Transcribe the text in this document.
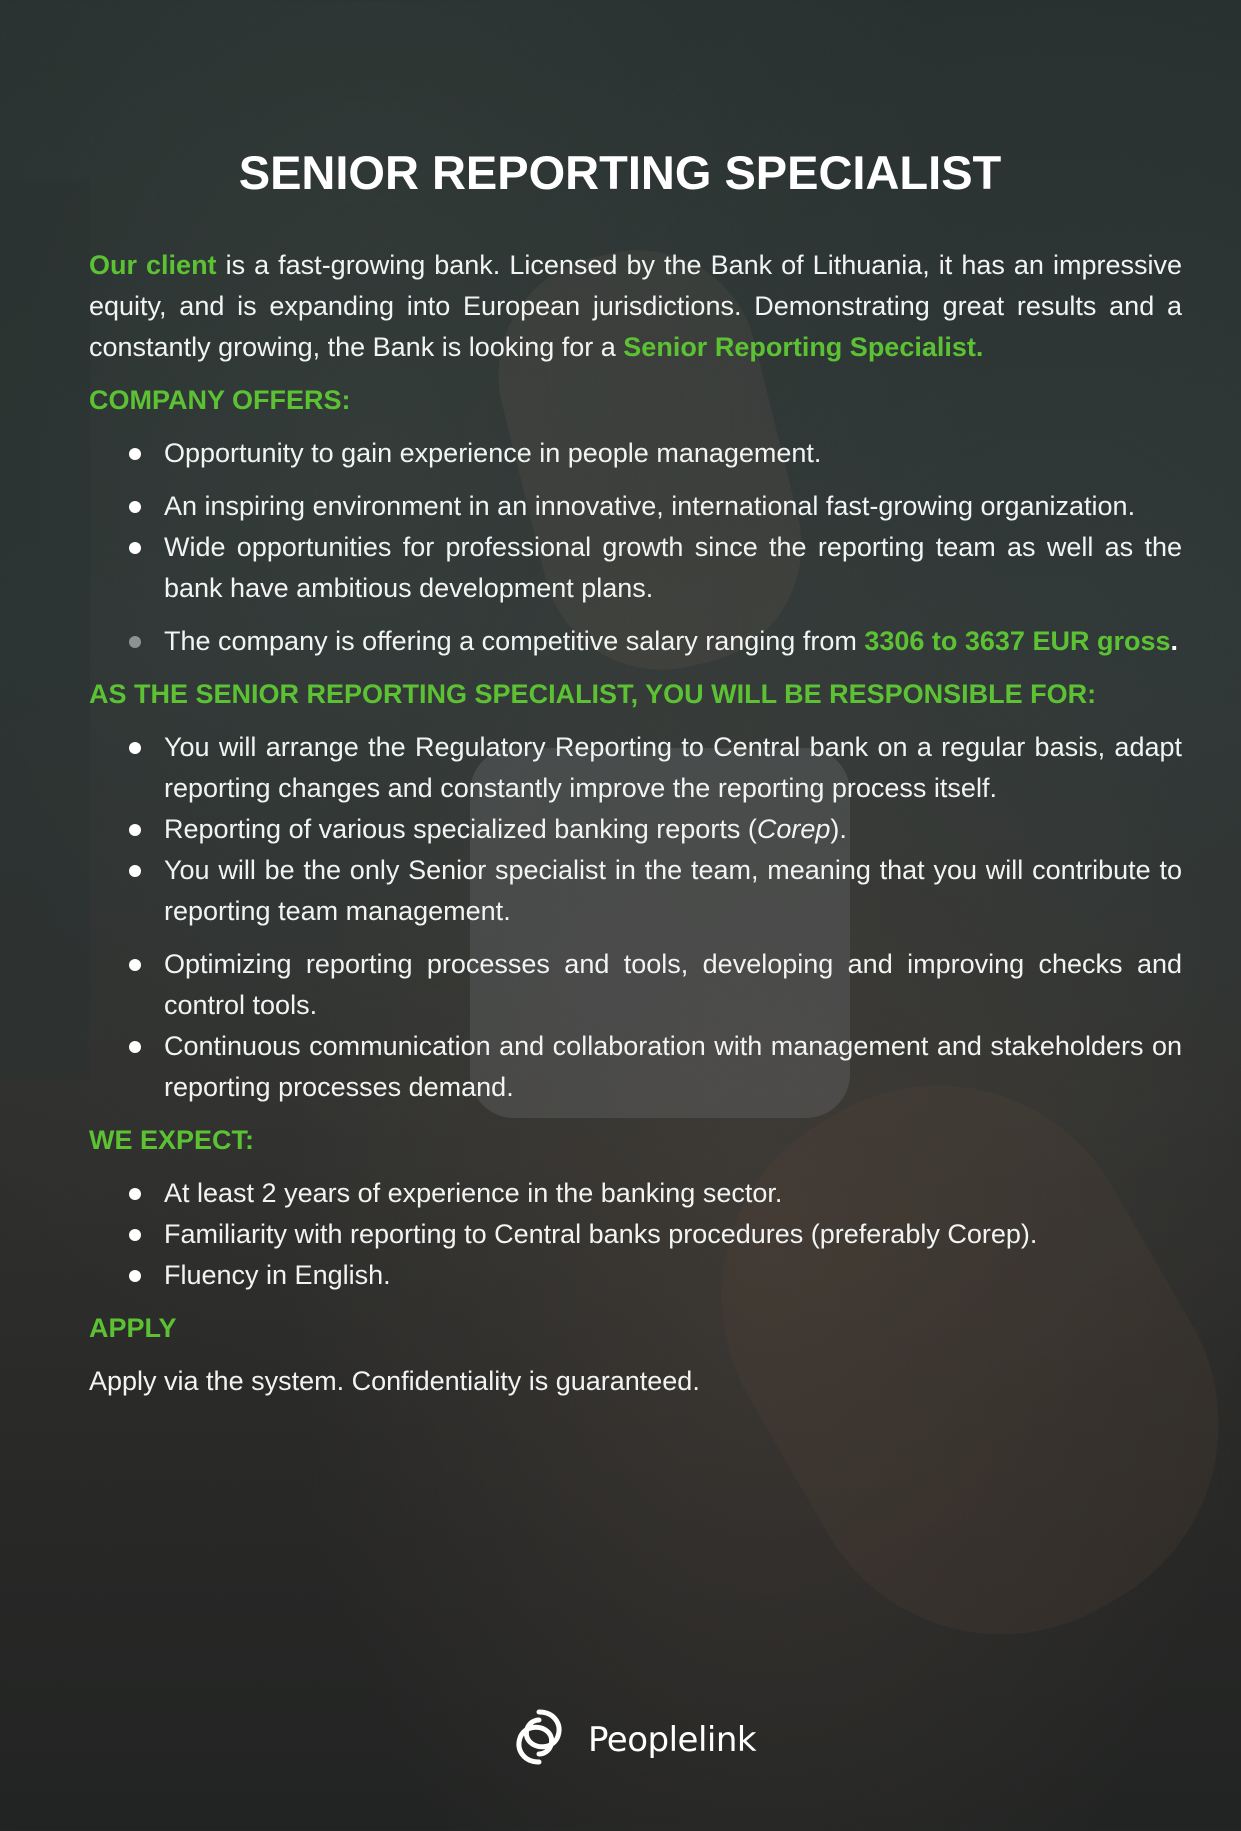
SENIOR REPORTING SPECIALIST

Our client is a fast-growing bank. Licensed by the Bank of Lithuania, it has an impressive equity, and is expanding into European jurisdictions. Demonstrating great results and a constantly growing, the Bank is looking for a Senior Reporting Specialist.

COMPANY OFFERS:
Opportunity to gain experience in people management.
An inspiring environment in an innovative, international fast-growing organization.
Wide opportunities for professional growth since the reporting team as well as the bank have ambitious development plans.
The company is offering a competitive salary ranging from 3306 to 3637 EUR gross.
AS THE SENIOR REPORTING SPECIALIST, YOU WILL BE RESPONSIBLE FOR:
You will arrange the Regulatory Reporting to Central bank on a regular basis, adapt reporting changes and constantly improve the reporting process itself.
Reporting of various specialized banking reports (Corep).
You will be the only Senior specialist in the team, meaning that you will contribute to reporting team management.
Optimizing reporting processes and tools, developing and improving checks and control tools.
Continuous communication and collaboration with management and stakeholders on reporting processes demand.
WE EXPECT:
At least 2 years of experience in the banking sector.
Familiarity with reporting to Central banks procedures (preferably Corep).
Fluency in English.
APPLY

Apply via the system. Confidentiality is guaranteed.

Peoplelink
